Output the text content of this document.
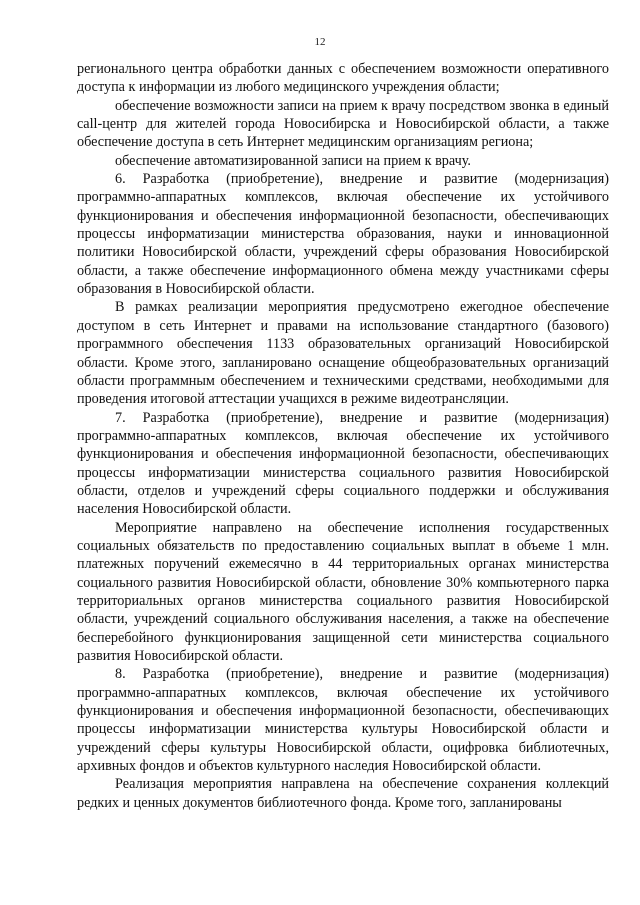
12

регионального центра обработки данных с обеспечением возможности оперативного доступа к информации из любого медицинского учреждения области;

обеспечение возможности записи на прием к врачу посредством звонка в единый call-центр для жителей города Новосибирска и Новосибирской области, а также обеспечение доступа в сеть Интернет медицинским организациям региона;

обеспечение автоматизированной записи на прием к врачу.

6. Разработка (приобретение), внедрение и развитие (модернизация) программно-аппаратных комплексов, включая обеспечение их устойчивого функционирования и обеспечения информационной безопасности, обеспечивающих процессы информатизации министерства образования, науки и инновационной политики Новосибирской области, учреждений сферы образования Новосибирской области, а также обеспечение информационного обмена между участниками сферы образования в Новосибирской области.

В рамках реализации мероприятия предусмотрено ежегодное обеспечение доступом в сеть Интернет и правами на использование стандартного (базового) программного обеспечения 1133 образовательных организаций Новосибирской области. Кроме этого, запланировано оснащение общеобразовательных организаций области программным обеспечением и техническими средствами, необходимыми для проведения итоговой аттестации учащихся в режиме видеотрансляции.

7. Разработка (приобретение), внедрение и развитие (модернизация) программно-аппаратных комплексов, включая обеспечение их устойчивого функционирования и обеспечения информационной безопасности, обеспечивающих процессы информатизации министерства социального развития Новосибирской области, отделов и учреждений сферы социального поддержки и обслуживания населения Новосибирской области.

Мероприятие направлено на обеспечение исполнения государственных социальных обязательств по предоставлению социальных выплат в объеме 1 млн. платежных поручений ежемесячно в 44 территориальных органах министерства социального развития Новосибирской области, обновление 30% компьютерного парка территориальных органов министерства социального развития Новосибирской области, учреждений социального обслуживания населения, а также на обеспечение бесперебойного функционирования защищенной сети министерства социального развития Новосибирской области.

8. Разработка (приобретение), внедрение и развитие (модернизация) программно-аппаратных комплексов, включая обеспечение их устойчивого функционирования и обеспечения информационной безопасности, обеспечивающих процессы информатизации министерства культуры Новосибирской области и учреждений сферы культуры Новосибирской области, оцифровка библиотечных, архивных фондов и объектов культурного наследия Новосибирской области.

Реализация мероприятия направлена на обеспечение сохранения коллекций редких и ценных документов библиотечного фонда. Кроме того, запланированы
